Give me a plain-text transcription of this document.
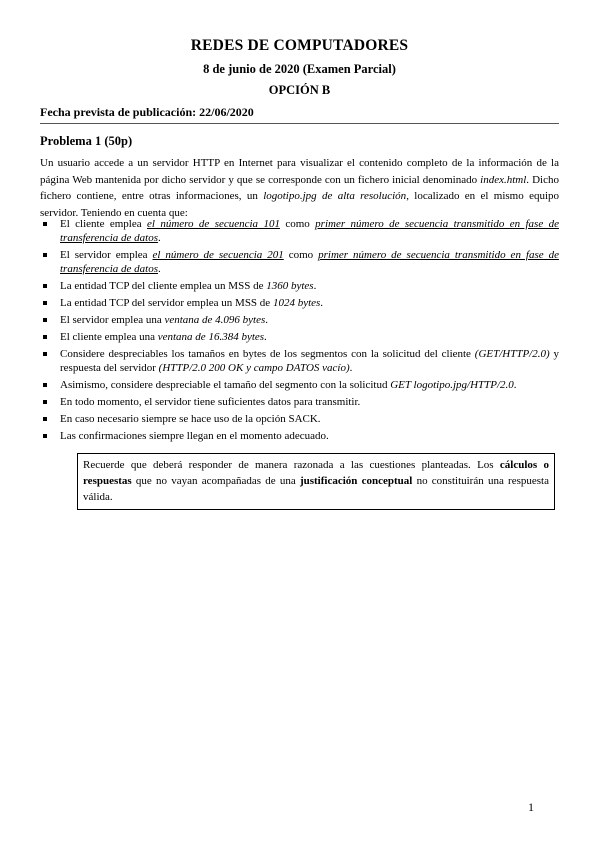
REDES DE COMPUTADORES
8 de junio de 2020 (Examen Parcial)
OPCIÓN B
Fecha prevista de publicación: 22/06/2020
Problema 1 (50p)
Un usuario accede a un servidor HTTP en Internet para visualizar el contenido completo de la información de la página Web mantenida por dicho servidor y que se corresponde con un fichero inicial denominado index.html. Dicho fichero contiene, entre otras informaciones, un logotipo.jpg de alta resolución, localizado en el mismo equipo servidor. Teniendo en cuenta que:
El cliente emplea el número de secuencia 101 como primer número de secuencia transmitido en fase de transferencia de datos.
El servidor emplea el número de secuencia 201 como primer número de secuencia transmitido en fase de transferencia de datos.
La entidad TCP del cliente emplea un MSS de 1360 bytes.
La entidad TCP del servidor emplea un MSS de 1024 bytes.
El servidor emplea una ventana de 4.096 bytes.
El cliente emplea una ventana de 16.384 bytes.
Considere despreciables los tamaños en bytes de los segmentos con la solicitud del cliente (GET/HTTP/2.0) y respuesta del servidor (HTTP/2.0 200 OK y campo DATOS vacío).
Asimismo, considere despreciable el tamaño del segmento con la solicitud GET logotipo.jpg/HTTP/2.0.
En todo momento, el servidor tiene suficientes datos para transmitir.
En caso necesario siempre se hace uso de la opción SACK.
Las confirmaciones siempre llegan en el momento adecuado.
Recuerde que deberá responder de manera razonada a las cuestiones planteadas. Los cálculos o respuestas que no vayan acompañadas de una justificación conceptual no constituirán una respuesta válida.
1
